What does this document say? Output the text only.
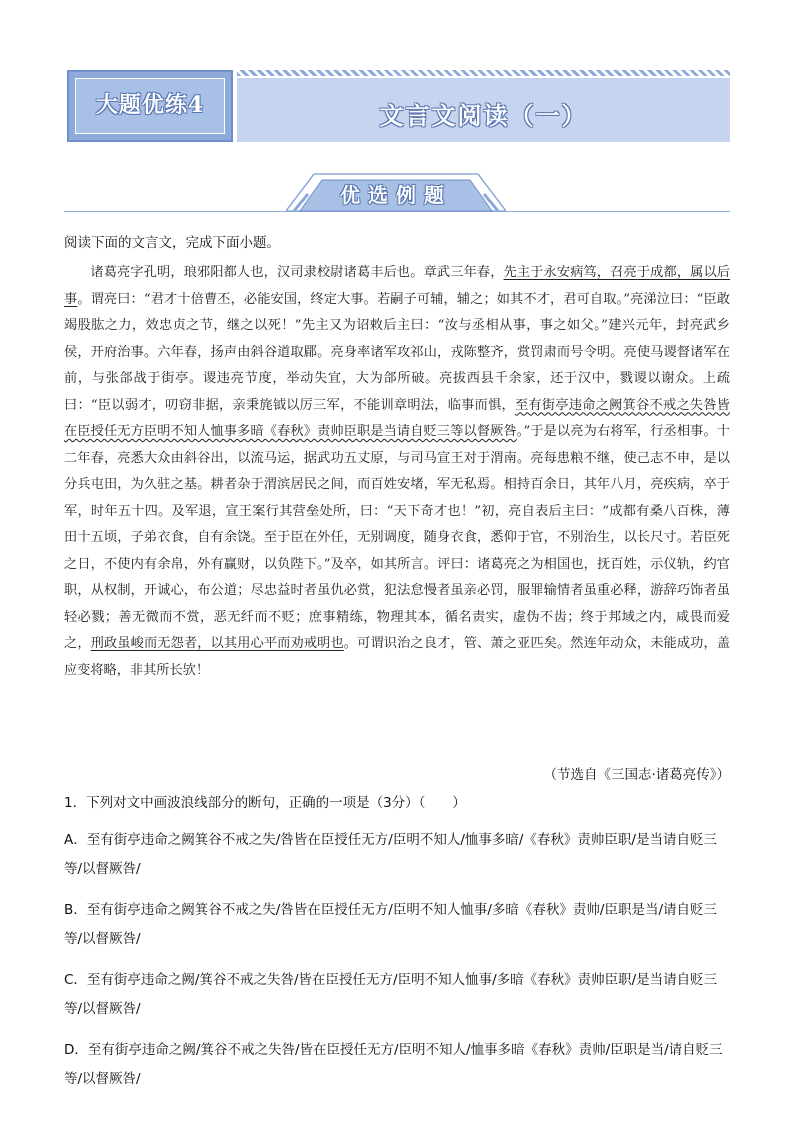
大题优练4	文言文阅读（一）
优选例题
阅读下面的文言文，完成下面小题。

诸葛亮字孔明，琅邪阳都人也，汉司隶校尉诸葛丰后也。章武三年春，先主于永安病笃，召亮于成都，属以后事。谓亮曰：“君才十倍曹丕，必能安国，终定大事。若嗣子可辅，辅之；如其不才，君可自取。”亮涕泣曰：“臣敢竭股肱之力，效忠贞之节，继之以死！”先主又为诏敕后主曰：“汝与丞相从事，事之如父。”建兴元年，封亮武乡侯，开府治事。六年春，扬声由斜谷道取郿。亮身率诸军攻祁山，戎陈整齐，赏罚肃而号令明。亮使马谡督诸军在前，与张郃战于街亭。谡违亮节度，举动失宜，大为郃所破。亮拔西县千余家，还于汉中，戮谡以谢众。上疏曰：“臣以弱才，叨窃非据，亲秉旄钺以厉三军，不能训章明法，临事而惧，至有街亭违命之阙箕谷不戒之失咎皆在臣授任无方臣明不知人恤事多暗《春秋》责帅臣职是当请自贬三等以督厥咎。”于是以亮为右将军，行丞相事。十二年春，亮悉大众由斜谷出，以流马运，据武功五丈原，与司马宣王对于渭南。亮每患粮不继，使己志不申，是以分兵屯田，为久驻之基。耕者杂于渭滨居民之间，而百姓安堵，军无私焉。相持百余日，其年八月，亮疾病，卒于军，时年五十四。及军退，宣王案行其营垒处所，曰：“天下奇才也！”初，亮自表后主曰：“成都有桑八百株，薄田十五顷，子弟衣食，自有余饶。至于臣在外任，无别调度，随身衣食，悉仰于官，不别治生，以长尺寸。若臣死之日，不使内有余帛，外有赢财，以负陛下。”及卒，如其所言。评曰：诸葛亮之为相国也，抚百姓，示仪轨，约官职，从权制，开诚心，布公道；尽忠益时者虽仇必赏，犯法怠慢者虽亲必罚，服罪输情者虽重必释，游辞巧饰者虽轻必戮；善无微而不赏，恶无纤而不贬；庶事精练，物理其本，循名责实，虚伪不齿；终于邦域之内，咸畏而爱之，刑政虽峻而无怨者，以其用心平而劝戒明也。可谓识治之良才，管、萧之亚匹矣。然连年动众，未能成功，盖应变将略，非其所长欤！

（节选自《三国志·诸葛亮传》）

1．下列对文中画波浪线部分的断句，正确的一项是（3分）（　　）

A．至有街亭违命之阙箕谷不戒之失/咎皆在臣授任无方/臣明不知人/恤事多暗/《春秋》责帅臣职/是当请自贬三等/以督厥咎/

B．至有街亭违命之阙箕谷不戒之失/咎皆在臣授任无方/臣明不知人恤事/多暗《春秋》责帅/臣职是当/请自贬三等/以督厥咎/

C．至有街亭违命之阙/箕谷不戒之失咎/皆在臣授任无方/臣明不知人恤事/多暗《春秋》责帅臣职/是当请自贬三等/以督厥咎/

D．至有街亭违命之阙/箕谷不戒之失咎/皆在臣授任无方/臣明不知人/恤事多暗《春秋》责帅/臣职是当/请自贬三等/以督厥咎/
